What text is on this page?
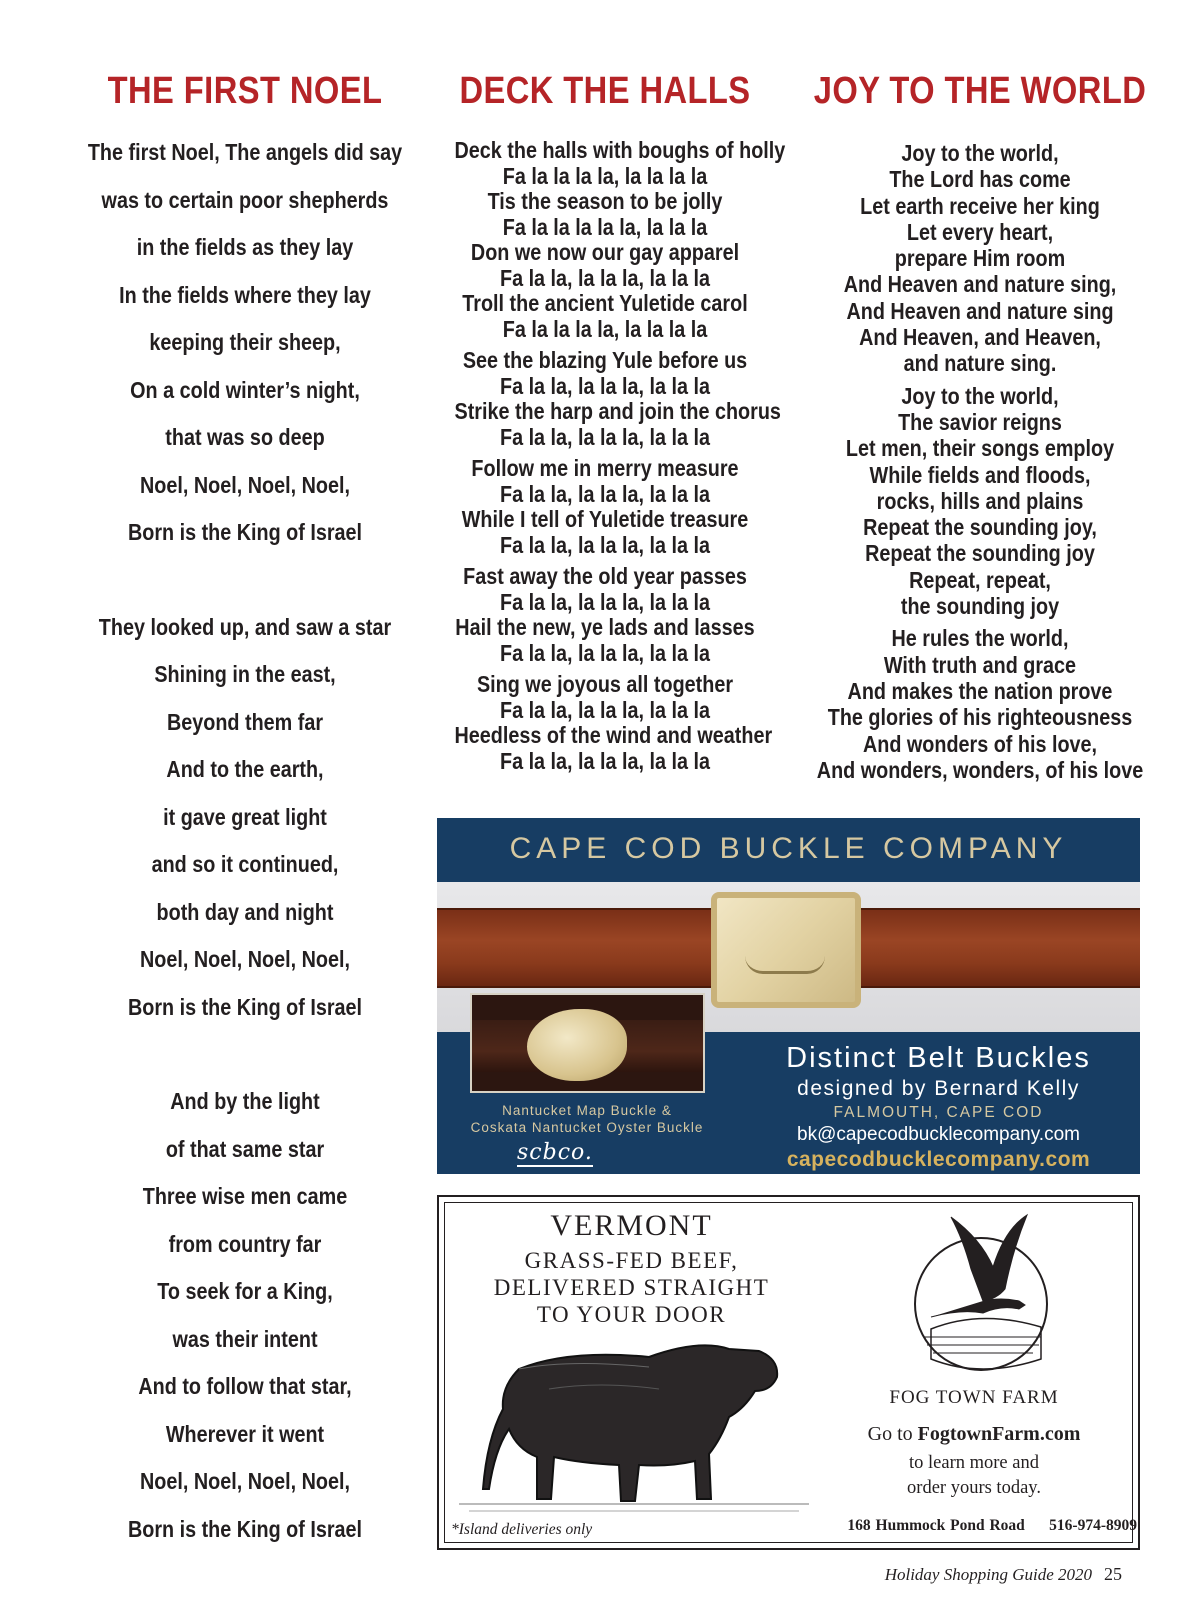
THE FIRST NOEL	DECK THE HALLS	JOY TO THE WORLD
The first Noel, The angels did say
was to certain poor shepherds
in the fields as they lay
In the fields where they lay
keeping their sheep,
On a cold winter’s night,
that was so deep
Noel, Noel, Noel, Noel,
Born is the King of Israel
They looked up, and saw a star
Shining in the east,
Beyond them far
And to the earth,
it gave great light
and so it continued,
both day and night
Noel, Noel, Noel, Noel,
Born is the King of Israel
And by the light
of that same star
Three wise men came
from country far
To seek for a King,
was their intent
And to follow that star,
Wherever it went
Noel, Noel, Noel, Noel,
Born is the King of Israel
Deck the halls with boughs of holly
Fa la la la la, la la la la
Tis the season to be jolly
Fa la la la la la, la la la
Don we now our gay apparel
Fa la la, la la la, la la la
Troll the ancient Yuletide carol
Fa la la la la, la la la la
See the blazing Yule before us
Fa la la, la la la, la la la
Strike the harp and join the chorus
Fa la la, la la la, la la la
Follow me in merry measure
Fa la la, la la la, la la la
While I tell of Yuletide treasure
Fa la la, la la la, la la la
Fast away the old year passes
Fa la la, la la la, la la la
Hail the new, ye lads and lasses
Fa la la, la la la, la la la
Sing we joyous all together
Fa la la, la la la, la la la
Heedless of the wind and weather
Fa la la, la la la, la la la
Joy to the world,
The Lord has come
Let earth receive her king
Let every heart,
prepare Him room
And Heaven and nature sing,
And Heaven and nature sing
And Heaven, and Heaven,
and nature sing.
Joy to the world,
The savior reigns
Let men, their songs employ
While fields and floods,
rocks, hills and plains
Repeat the sounding joy,
Repeat the sounding joy
Repeat, repeat,
the sounding joy
He rules the world,
With truth and grace
And makes the nation prove
The glories of his righteousness
And wonders of his love,
And wonders, wonders, of his love
CAPE COD BUCKLE COMPANY
Nantucket Map Buckle &
Coskata Nantucket Oyster Buckle
scbco.
Distinct Belt Buckles
designed by Bernard Kelly
FALMOUTH, CAPE COD
bk@capecodbucklecompany.com
capecodbucklecompany.com
VERMONT
GRASS-FED BEEF,
DELIVERED STRAIGHT
TO YOUR DOOR
*Island deliveries only
FOG TOWN FARM
Go to FogtownFarm.com
to learn more and
order yours today.
168 Hummock Pond Road 516-974-8909
Holiday Shopping Guide 2020 25
